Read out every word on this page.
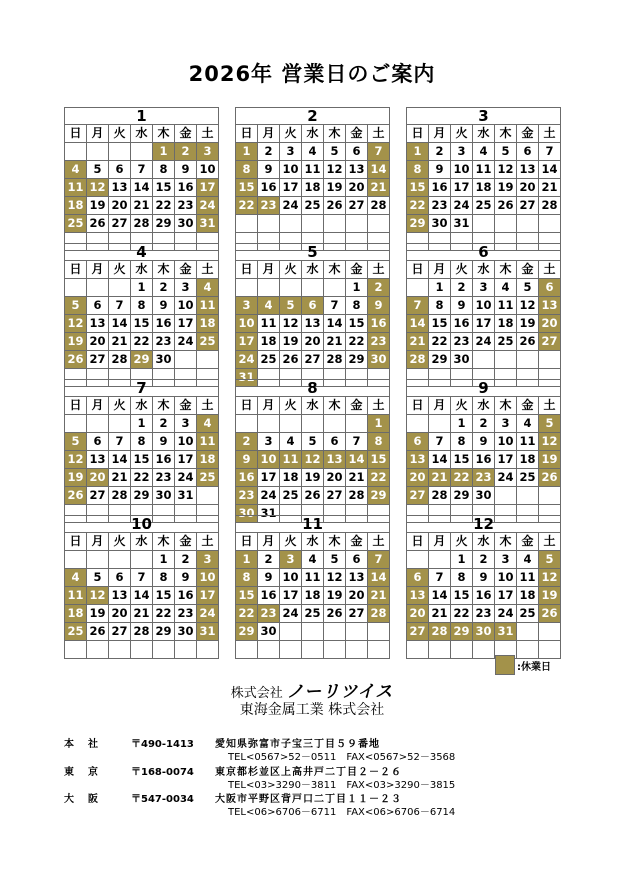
2026年 営業日のご案内
1						
日	月	火	水	木	金	土
				1	2	3
4	5	6	7	8	9	10
11	12	13	14	15	16	17
18	19	20	21	22	23	24
25	26	27	28	29	30	31

2						
日	月	火	水	木	金	土
1	2	3	4	5	6	7
8	9	10	11	12	13	14
15	16	17	18	19	20	21
22	23	24	25	26	27	28

3						
日	月	火	水	木	金	土
1	2	3	4	5	6	7
8	9	10	11	12	13	14
15	16	17	18	19	20	21
22	23	24	25	26	27	28
29	30	31				

4						
日	月	火	水	木	金	土
			1	2	3	4
5	6	7	8	9	10	11
12	13	14	15	16	17	18
19	20	21	22	23	24	25
26	27	28	29	30		

5						
日	月	火	水	木	金	土
					1	2
3	4	5	6	7	8	9
10	11	12	13	14	15	16
17	18	19	20	21	22	23
24	25	26	27	28	29	30
31						
6						
日	月	火	水	木	金	土
	1	2	3	4	5	6
7	8	9	10	11	12	13
14	15	16	17	18	19	20
21	22	23	24	25	26	27
28	29	30				

7						
日	月	火	水	木	金	土
			1	2	3	4
5	6	7	8	9	10	11
12	13	14	15	16	17	18
19	20	21	22	23	24	25
26	27	28	29	30	31	

8						
日	月	火	水	木	金	土
						1
2	3	4	5	6	7	8
9	10	11	12	13	14	15
16	17	18	19	20	21	22
23	24	25	26	27	28	29
30	31					
9						
日	月	火	水	木	金	土
		1	2	3	4	5
6	7	8	9	10	11	12
13	14	15	16	17	18	19
20	21	22	23	24	25	26
27	28	29	30			

10						
日	月	火	水	木	金	土
				1	2	3
4	5	6	7	8	9	10
11	12	13	14	15	16	17
18	19	20	21	22	23	24
25	26	27	28	29	30	31

11						
日	月	火	水	木	金	土
1	2	3	4	5	6	7
8	9	10	11	12	13	14
15	16	17	18	19	20	21
22	23	24	25	26	27	28
29	30					

12						
日	月	火	水	木	金	土
		1	2	3	4	5
6	7	8	9	10	11	12
13	14	15	16	17	18	19
20	21	22	23	24	25	26
27	28	29	30	31		

:休業日
株式会社 ノーリツイス
東海金属工業 株式会社
本社 〒490-1413 愛知県弥富市子宝三丁目５９番地
TEL<0567>52－0511　FAX<0567>52－3568
東京 〒168-0074 東京都杉並区上高井戸二丁目２－２６
TEL<03>3290－3811　FAX<03>3290－3815
大阪 〒547-0034 大阪市平野区背戸口二丁目１１－２３
TEL<06>6706－6711　FAX<06>6706－6714
